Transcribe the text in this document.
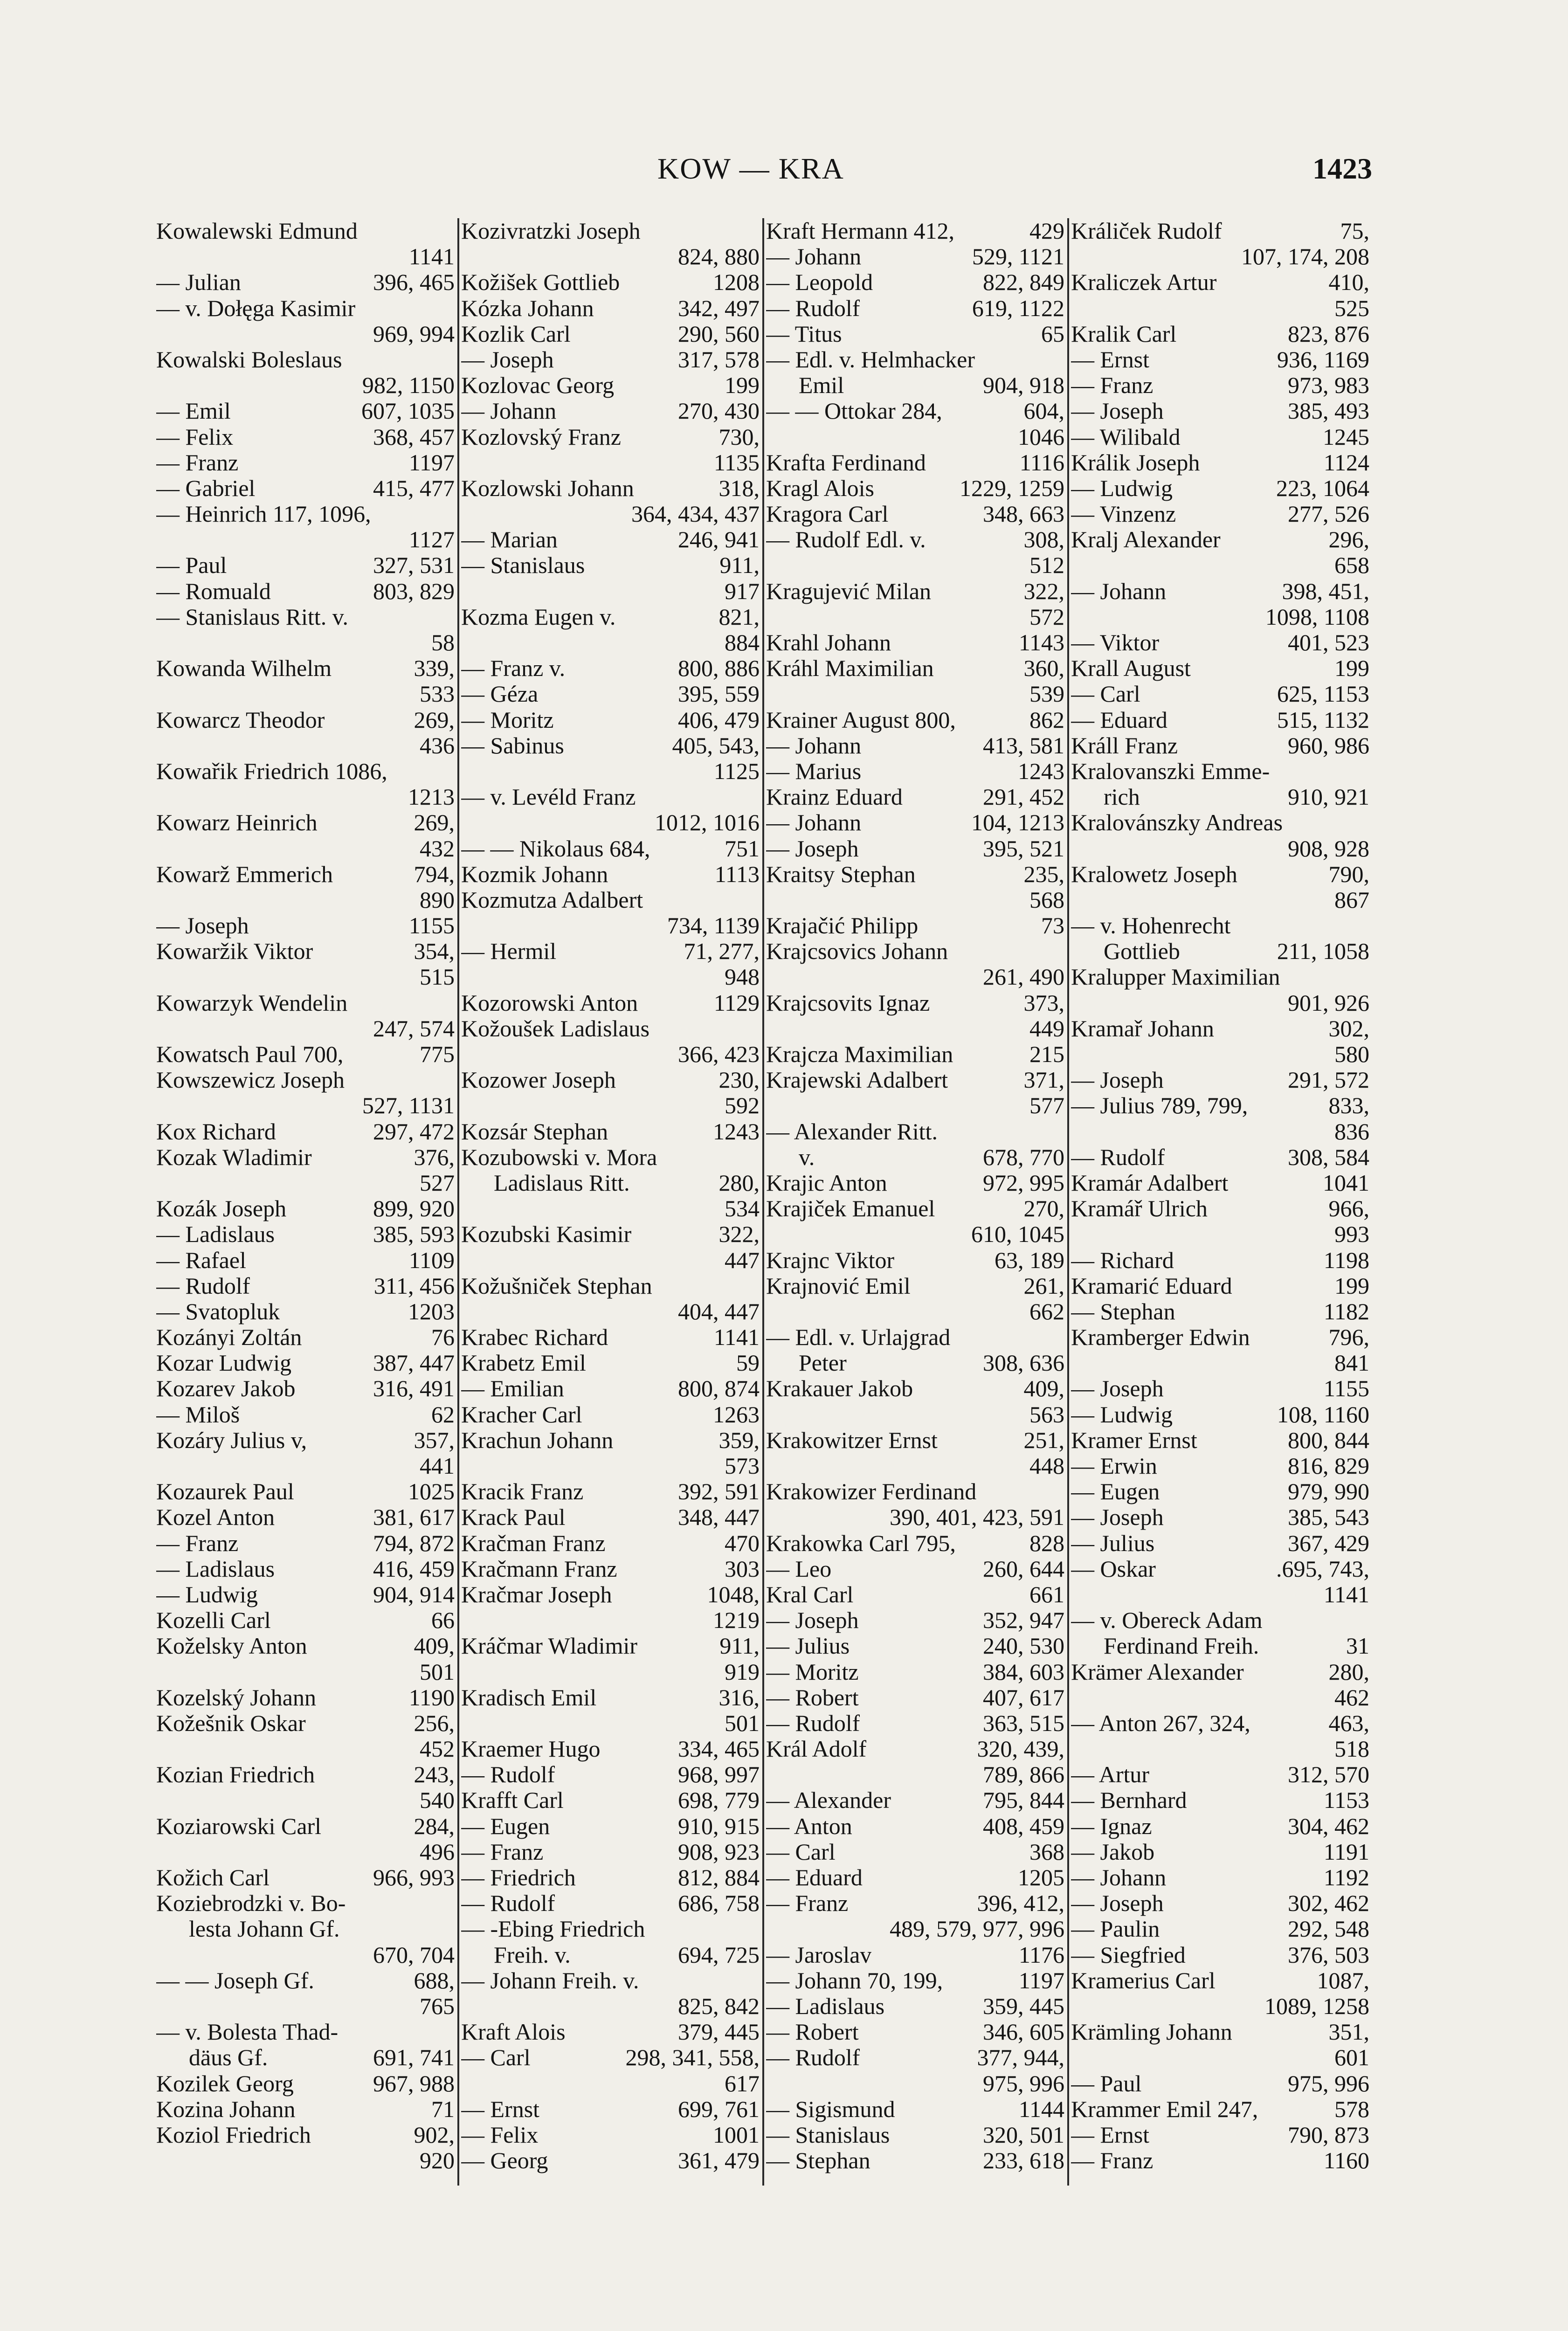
KOW — KRA	1423
Kowalewski Edmund
1141
— Julian	396, 465
— v. Dołęga Kasimir
969, 994
Kowalski Boleslaus
982, 1150
— Emil	607, 1035
— Felix	368, 457
— Franz	1197
— Gabriel	415, 477
— Heinrich 117, 1096,
1127
— Paul	327, 531
— Romuald	803, 829
— Stanislaus Ritt. v.
58
Kowanda Wilhelm	339,
533
Kowarcz Theodor	269,
436
Kowařik Friedrich 1086,
1213
Kowarz Heinrich	269,
432
Kowarž Emmerich	794,
890
— Joseph	1155
Kowaržik Viktor	354,
515
Kowarzyk Wendelin
247, 574
Kowatsch Paul 700,	775
Kowszewicz Joseph
527, 1131
Kox Richard	297, 472
Kozak Wladimir	376,
527
Kozák Joseph	899, 920
— Ladislaus	385, 593
— Rafael	1109
— Rudolf	311, 456
— Svatopluk	1203
Kozányi Zoltán	76
Kozar Ludwig	387, 447
Kozarev Jakob	316, 491
— Miloš	62
Kozáry Julius v,	357,
441
Kozaurek Paul	1025
Kozel Anton	381, 617
— Franz	794, 872
— Ladislaus	416, 459
— Ludwig	904, 914
Kozelli Carl	66
Koželsky Anton	409,
501
Kozelský Johann	1190
Kožešnik Oskar	256,
452
Kozian Friedrich	243,
540
Koziarowski Carl	284,
496
Kožich Carl	966, 993
Koziebrodzki v. Bo-
lesta Johann Gf.
670, 704
— — Joseph Gf.	688,
765
— v. Bolesta Thad-
däus Gf.	691, 741
Kozilek Georg	967, 988
Kozina Johann	71
Koziol Friedrich	902,
920
Kozivratzki Joseph
824, 880
Kožišek Gottlieb	1208
Kózka Johann	342, 497
Kozlik Carl	290, 560
— Joseph	317, 578
Kozlovac Georg	199
— Johann	270, 430
Kozlovský Franz	730,
1135
Kozlowski Johann	318,
364, 434, 437
— Marian	246, 941
— Stanislaus	911,
917
Kozma Eugen v.	821,
884
— Franz v.	800, 886
— Géza	395, 559
— Moritz	406, 479
— Sabinus	405, 543,
1125
— v. Levéld Franz
1012, 1016
— — Nikolaus 684,	751
Kozmik Johann	1113
Kozmutza Adalbert
734, 1139
— Hermil	71, 277,
948
Kozorowski Anton	1129
Kožoušek Ladislaus
366, 423
Kozower Joseph	230,
592
Kozsár Stephan	1243
Kozubowski v. Mora
Ladislaus Ritt.	280,
534
Kozubski Kasimir	322,
447
Kožušniček Stephan
404, 447
Krabec Richard	1141
Krabetz Emil	59
— Emilian	800, 874
Kracher Carl	1263
Krachun Johann	359,
573
Kracik Franz	392, 591
Krack Paul	348, 447
Kračman Franz	470
Kračmann Franz	303
Kračmar Joseph	1048,
1219
Kráčmar Wladimir	911,
919
Kradisch Emil	316,
501
Kraemer Hugo	334, 465
— Rudolf	968, 997
Krafft Carl	698, 779
— Eugen	910, 915
— Franz	908, 923
— Friedrich	812, 884
— Rudolf	686, 758
— -Ebing Friedrich
Freih. v.	694, 725
— Johann Freih. v.
825, 842
Kraft Alois	379, 445
— Carl	298, 341, 558,
617
— Ernst	699, 761
— Felix	1001
— Georg	361, 479
Kraft Hermann 412,	429
— Johann	529, 1121
— Leopold	822, 849
— Rudolf	619, 1122
— Titus	65
— Edl. v. Helmhacker
Emil	904, 918
— — Ottokar 284,	604,
1046
Krafta Ferdinand	1116
Kragl Alois	1229, 1259
Kragora Carl	348, 663
— Rudolf Edl. v.	308,
512
Kragujević Milan	322,
572
Krahl Johann	1143
Kráhl Maximilian	360,
539
Krainer August 800,	862
— Johann	413, 581
— Marius	1243
Krainz Eduard	291, 452
— Johann	104, 1213
— Joseph	395, 521
Kraitsy Stephan	235,
568
Krajačić Philipp	73
Krajcsovics Johann
261, 490
Krajcsovits Ignaz	373,
449
Krajcza Maximilian	215
Krajewski Adalbert	371,
577
— Alexander Ritt.
v.	678, 770
Krajic Anton	972, 995
Krajiček Emanuel	270,
610, 1045
Krajnc Viktor	63, 189
Krajnović Emil	261,
662
— Edl. v. Urlajgrad
Peter	308, 636
Krakauer Jakob	409,
563
Krakowitzer Ernst	251,
448
Krakowizer Ferdinand
390, 401, 423, 591
Krakowka Carl 795,	828
— Leo	260, 644
Kral Carl	661
— Joseph	352, 947
— Julius	240, 530
— Moritz	384, 603
— Robert	407, 617
— Rudolf	363, 515
Král Adolf	320, 439,
789, 866
— Alexander	795, 844
— Anton	408, 459
— Carl	368
— Eduard	1205
— Franz	396, 412,
489, 579, 977, 996
— Jaroslav	1176
— Johann 70, 199,	1197
— Ladislaus	359, 445
— Robert	346, 605
— Rudolf	377, 944,
975, 996
— Sigismund	1144
— Stanislaus	320, 501
— Stephan	233, 618
Králiček Rudolf	75,
107, 174, 208
Kraliczek Artur	410,
525
Kralik Carl	823, 876
— Ernst	936, 1169
— Franz	973, 983
— Joseph	385, 493
— Wilibald	1245
Králik Joseph	1124
— Ludwig	223, 1064
— Vinzenz	277, 526
Kralj Alexander	296,
658
— Johann	398, 451,
1098, 1108
— Viktor	401, 523
Krall August	199
— Carl	625, 1153
— Eduard	515, 1132
Králl Franz	960, 986
Kralovanszki Emme-
rich	910, 921
Kralovánszky Andreas
908, 928
Kralowetz Joseph	790,
867
— v. Hohenrecht
Gottlieb	211, 1058
Kralupper Maximilian
901, 926
Kramař Johann	302,
580
— Joseph	291, 572
— Julius 789, 799,	833,
836
— Rudolf	308, 584
Kramár Adalbert	1041
Kramář Ulrich	966,
993
— Richard	1198
Kramarić Eduard	199
— Stephan	1182
Kramberger Edwin	796,
841
— Joseph	1155
— Ludwig	108, 1160
Kramer Ernst	800, 844
— Erwin	816, 829
— Eugen	979, 990
— Joseph	385, 543
— Julius	367, 429
— Oskar	.695, 743,
1141
— v. Obereck Adam
Ferdinand Freih.	31
Krämer Alexander	280,
462
— Anton 267, 324,	463,
518
— Artur	312, 570
— Bernhard	1153
— Ignaz	304, 462
— Jakob	1191
— Johann	1192
— Joseph	302, 462
— Paulin	292, 548
— Siegfried	376, 503
Kramerius Carl	1087,
1089, 1258
Krämling Johann	351,
601
— Paul	975, 996
Krammer Emil 247,	578
— Ernst	790, 873
— Franz	1160
